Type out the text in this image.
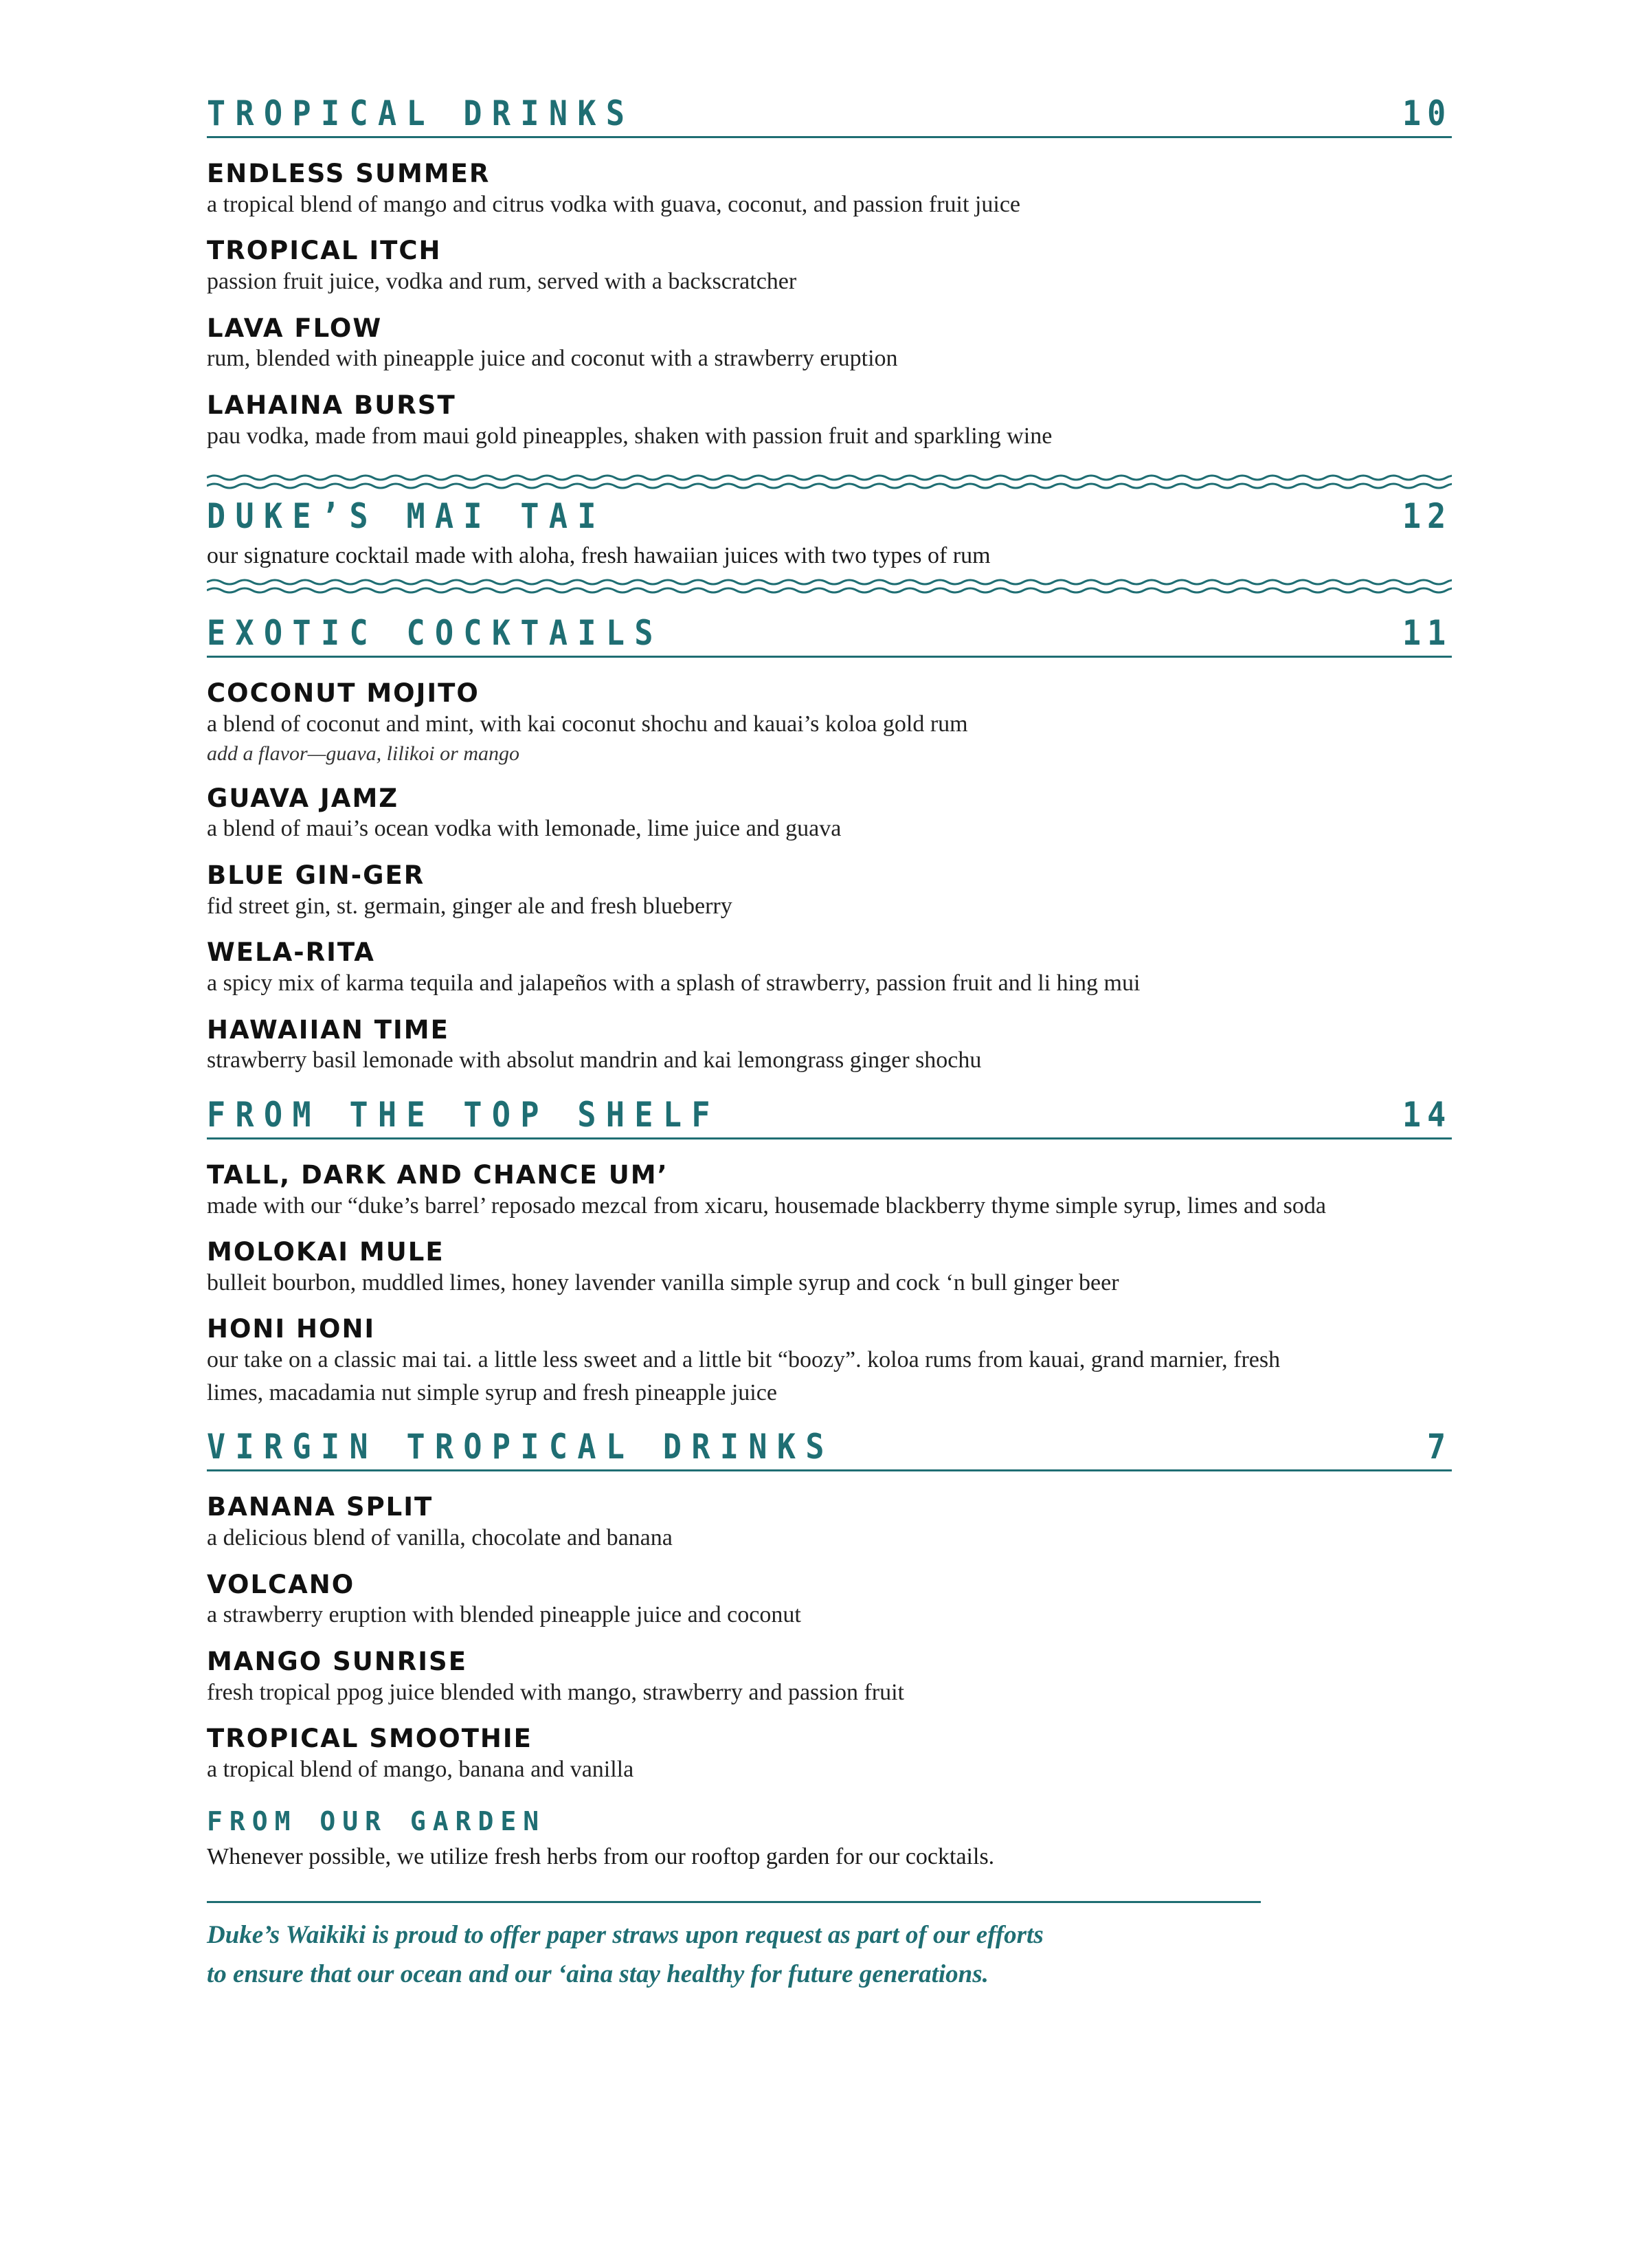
TROPICAL DRINKS	10
ENDLESS SUMMER
a tropical blend of mango and citrus vodka with guava, coconut, and passion fruit juice
TROPICAL ITCH
passion fruit juice, vodka and rum, served with a backscratcher
LAVA FLOW
rum, blended with pineapple juice and coconut with a strawberry eruption
LAHAINA BURST
pau vodka, made from maui gold pineapples, shaken with passion fruit and sparkling wine
DUKE’S MAI TAI	12
our signature cocktail made with aloha, fresh hawaiian juices with two types of rum
EXOTIC COCKTAILS	11
COCONUT MOJITO
a blend of coconut and mint, with kai coconut shochu and kauai’s koloa gold rum
add a flavor—guava, lilikoi or mango
GUAVA JAMZ
a blend of maui’s ocean vodka with lemonade, lime juice and guava
BLUE GIN-GER
fid street gin, st. germain, ginger ale and fresh blueberry
WELA-RITA
a spicy mix of karma tequila and jalapeños with a splash of strawberry, passion fruit and li hing mui
HAWAIIAN TIME
strawberry basil lemonade with absolut mandrin and kai lemongrass ginger shochu
FROM THE TOP SHELF	14
TALL, DARK AND CHANCE UM’
made with our “duke’s barrel’ reposado mezcal from xicaru, housemade blackberry thyme simple syrup, limes and soda
MOLOKAI MULE
bulleit bourbon, muddled limes, honey lavender vanilla simple syrup and cock ‘n bull ginger beer
HONI HONI
our take on a classic mai tai. a little less sweet and a little bit “boozy”. koloa rums from kauai, grand marnier, fresh limes, macadamia nut simple syrup and fresh pineapple juice
VIRGIN TROPICAL DRINKS	7
BANANA SPLIT
a delicious blend of vanilla, chocolate and banana
VOLCANO
a strawberry eruption with blended pineapple juice and coconut
MANGO SUNRISE
fresh tropical ppog juice blended with mango, strawberry and passion fruit
TROPICAL SMOOTHIE
a tropical blend of mango, banana and vanilla
FROM OUR GARDEN
Whenever possible, we utilize fresh herbs from our rooftop garden for our cocktails.
Duke’s Waikiki is proud to offer paper straws upon request as part of our efforts
to ensure that our ocean and our ‘aina stay healthy for future generations.
